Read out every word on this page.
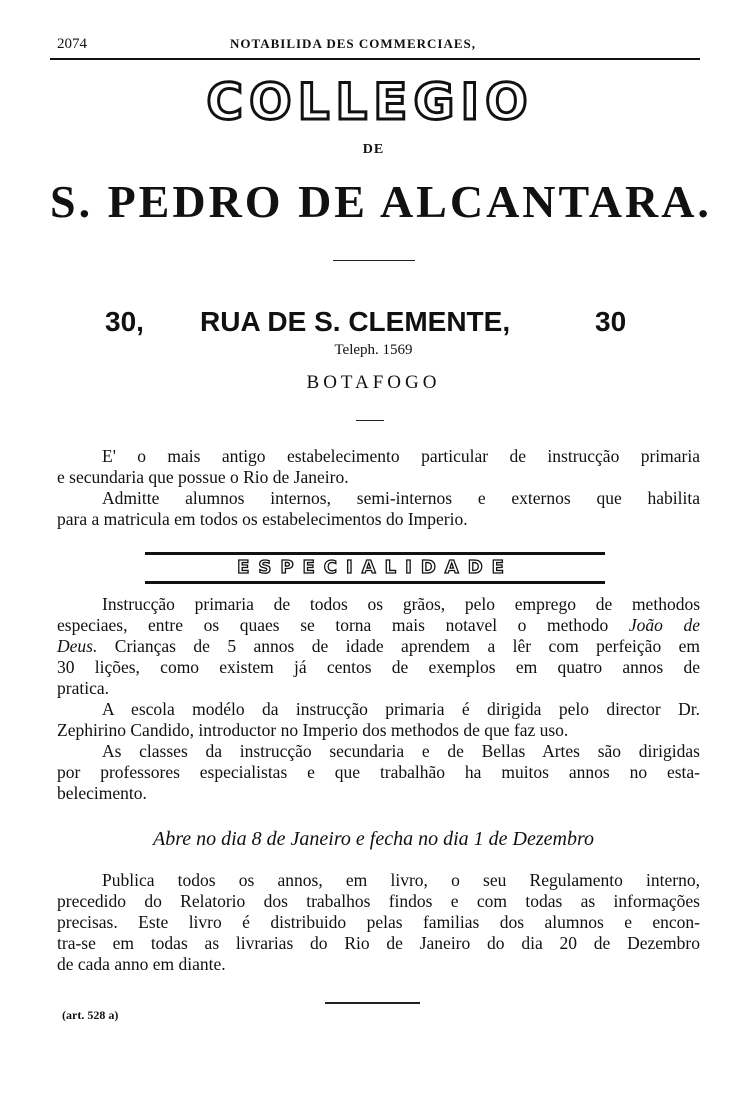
2074	NOTABILIDA DES COMMERCIAES,
COLLEGIO
DE
S. PEDRO DE ALCANTARA.
30, RUA DE S. CLEMENTE,	30
Teleph. 1569
BOTAFOGO
E' o mais antigo estabelecimento particular de instrucção primaria
e secundaria que possue o Rio de Janeiro.
Admitte alumnos internos, semi-internos e externos que habilita
para a matricula em todos os estabelecimentos do Imperio.
ESPECIALIDADE
Instrucção primaria de todos os grãos, pelo emprego de methodos
especiaes, entre os quaes se torna mais notavel o methodo João de
Deus. Crianças de 5 annos de idade aprendem a lêr com perfeição em
30 lições, como existem já centos de exemplos em quatro annos de
pratica.
A escola modélo da instrucção primaria é dirigida pelo director Dr.
Zephirino Candido, introductor no Imperio dos methodos de que faz uso.
As classes da instrucção secundaria e de Bellas Artes são dirigidas
por professores especialistas e que trabalhão ha muitos annos no esta-
belecimento.
Abre no dia 8 de Janeiro e fecha no dia 1 de Dezembro
Publica todos os annos, em livro, o seu Regulamento interno,
precedido do Relatorio dos trabalhos findos e com todas as informações
precisas. Este livro é distribuido pelas familias dos alumnos e encon-
tra-se em todas as livrarias do Rio de Janeiro do dia 20 de Dezembro
de cada anno em diante.
(art. 528 a)
